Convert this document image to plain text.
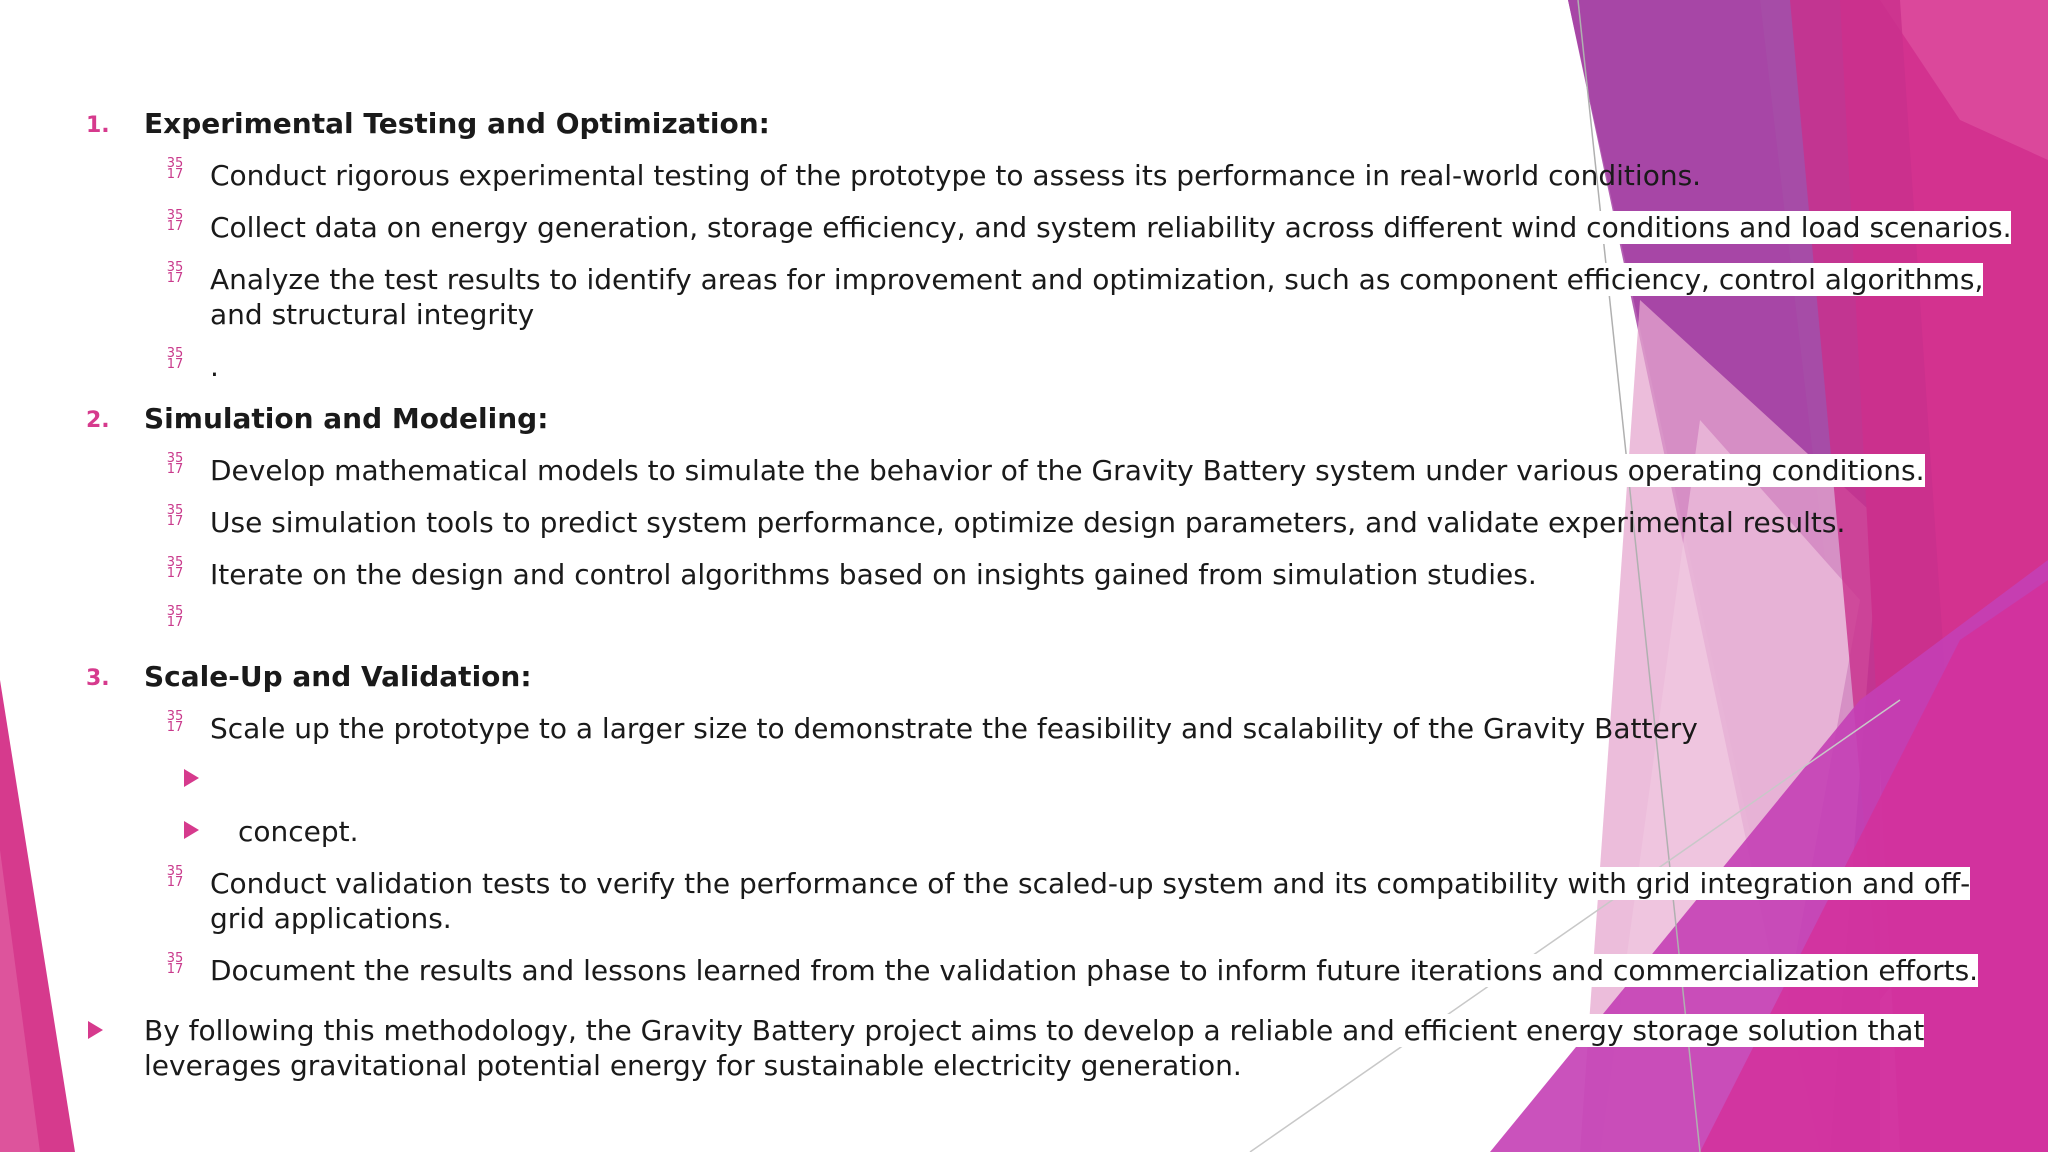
1. Experimental Testing and Optimization:
35
17 Conduct rigorous experimental testing of the prototype to assess its performance in real-world conditions.
35
17 Collect data on energy generation, storage efficiency, and system reliability across different wind conditions and load scenarios.
35
17 Analyze the test results to identify areas for improvement and optimization, such as component efficiency, control algorithms,
and structural integrity
35
17 .
2. Simulation and Modeling:
35
17 Develop mathematical models to simulate the behavior of the Gravity Battery system under various operating conditions.
35
17 Use simulation tools to predict system performance, optimize design parameters, and validate experimental results.
35
17 Iterate on the design and control algorithms based on insights gained from simulation studies.
35
17
3. Scale-Up and Validation:
35
17 Scale up the prototype to a larger size to demonstrate the feasibility and scalability of the Gravity Battery
concept.
35
17 Conduct validation tests to verify the performance of the scaled-up system and its compatibility with grid integration and off-
grid applications.
35
17 Document the results and lessons learned from the validation phase to inform future iterations and commercialization efforts.
By following this methodology, the Gravity Battery project aims to develop a reliable and efficient energy storage solution that
leverages gravitational potential energy for sustainable electricity generation.
